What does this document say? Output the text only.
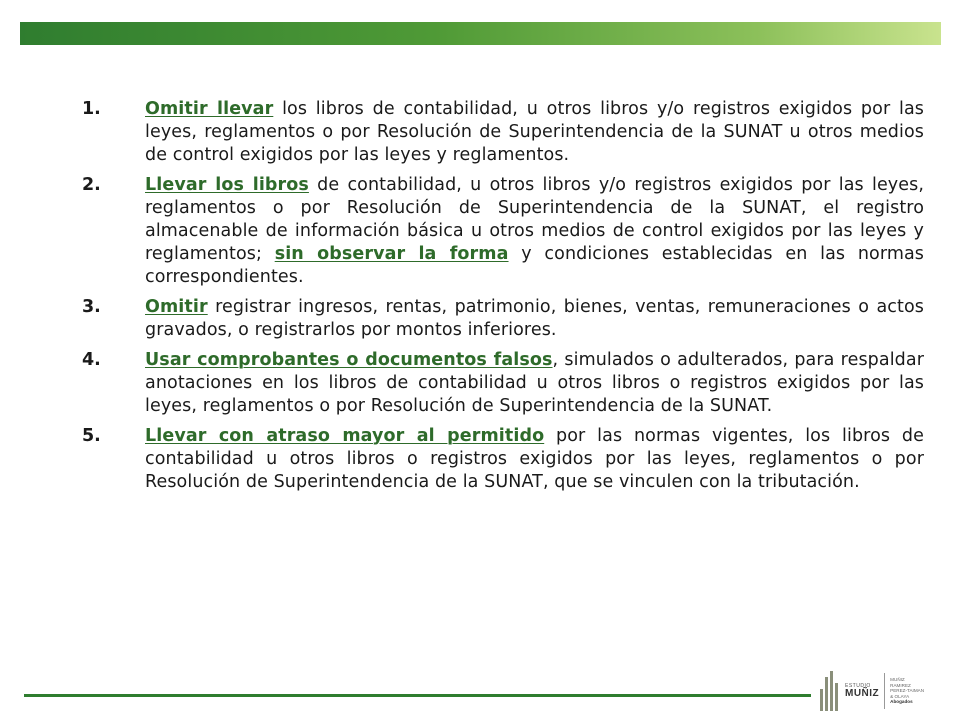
1.	Omitir llevar los libros de contabilidad, u otros libros y/o registros exigidos por las leyes, reglamentos o por Resolución de Superintendencia de la SUNAT u otros medios de control exigidos por las leyes y reglamentos.
2.	Llevar los libros de contabilidad, u otros libros y/o registros exigidos por las leyes, reglamentos o por Resolución de Superintendencia de la SUNAT, el registro almacenable de información básica u otros medios de control exigidos por las leyes y reglamentos; sin observar la forma y condiciones establecidas en las normas correspondientes.
3.	Omitir registrar ingresos, rentas, patrimonio, bienes, ventas, remuneraciones o actos gravados, o registrarlos por montos inferiores.
4.	Usar comprobantes o documentos falsos, simulados o adulterados, para respaldar anotaciones en los libros de contabilidad u otros libros o registros exigidos por las leyes, reglamentos o por Resolución de Superintendencia de la SUNAT.
5.	Llevar con atraso mayor al permitido por las normas vigentes, los libros de contabilidad u otros libros o registros exigidos por las leyes, reglamentos o por Resolución de Superintendencia de la SUNAT, que se vinculen con la tributación.
ESTUDIO
MUÑIZ
MUÑIZ
RAMIREZ
PEREZ-TAIMAN
& OLAYA
Abogados
